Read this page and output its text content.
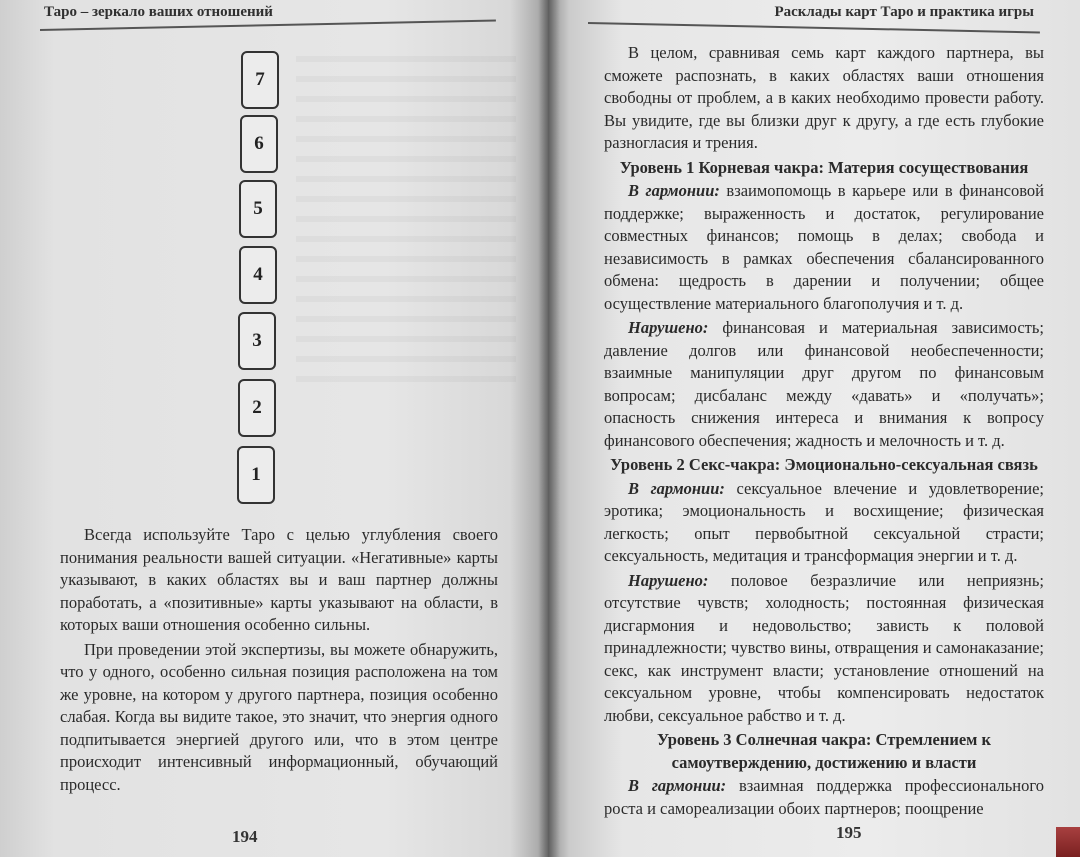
Таро – зеркало ваших отношений	Расклады карт Таро и практика игры
7
6
5
4
3
2
1

Всегда используйте Таро с целью углубления своего понимания реальности вашей ситуации. «Негативные» карты указывают, в каких областях вы и ваш партнер должны поработать, а «позитивные» карты указывают на области, в которых ваши отношения особенно сильны.

При проведении этой экспертизы, вы можете обнаружить, что у одного, особенно сильная позиция расположена на том же уровне, на котором у другого партнера, позиция особенно слабая. Когда вы видите такое, это значит, что энергия одного подпитывается энергией другого или, что в этом центре происходит интенсивный информационный, обучающий процесс.

194

В целом, сравнивая семь карт каждого партнера, вы сможете распознать, в каких областях ваши отношения свободны от проблем, а в каких необходимо провести работу. Вы увидите, где вы близки друг к другу, а где есть глубокие разногласия и трения.

Уровень 1 Корневая чакра: Материя сосуществования

В гармонии: взаимопомощь в карьере или в финансовой поддержке; выраженность и достаток, регулирование совместных финансов; помощь в делах; свобода и независимость в рамках обеспечения сбалансированного обмена: щедрость в дарении и получении; общее осуществление материального благополучия и т. д.

Нарушено: финансовая и материальная зависимость; давление долгов или финансовой необеспеченности; взаимные манипуляции друг другом по финансовым вопросам; дисбаланс между «давать» и «получать»; опасность снижения интереса и внимания к вопросу финансового обеспечения; жадность и мелочность и т. д.

Уровень 2 Секс-чакра: Эмоционально-сексуальная связь

В гармонии: сексуальное влечение и удовлетворение; эротика; эмоциональность и восхищение; физическая легкость; опыт первобытной сексуальной страсти; сексуальность, медитация и трансформация энергии и т. д.

Нарушено: половое безразличие или неприязнь; отсутствие чувств; холодность; постоянная физическая дисгармония и недовольство; зависть к половой принадлежности; чувство вины, отвращения и самонаказание; секс, как инструмент власти; установление отношений на сексуальном уровне, чтобы компенсировать недостаток любви, сексуальное рабство и т. д.

Уровень 3 Солнечная чакра: Стремлением к самоутверждению, достижению и власти

В гармонии: взаимная поддержка профессионального роста и самореализации обоих партнеров; поощрение

195
